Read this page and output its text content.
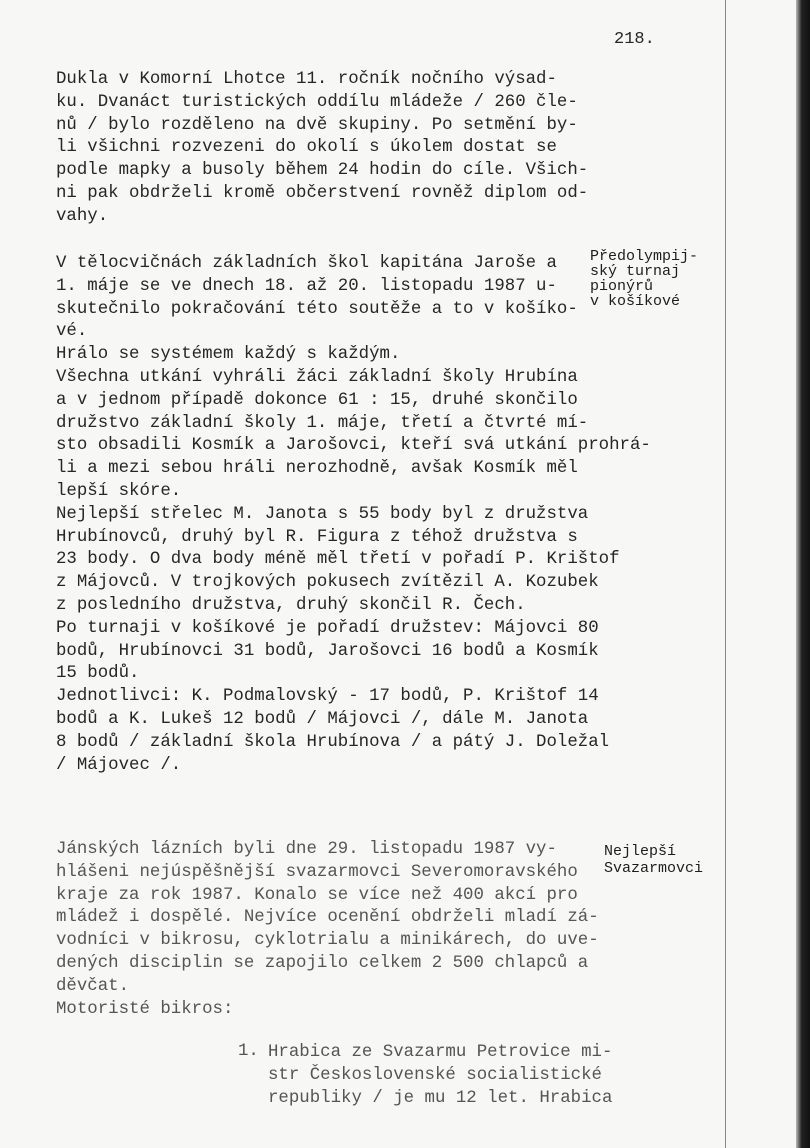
218.
Dukla v Komorní Lhotce 11. ročník nočního výsad-
ku. Dvanáct turistických oddílu mládeže / 260 čle-
nů / bylo rozděleno na dvě skupiny. Po setmění by-
li všichni rozvezeni do okolí s úkolem dostat se
podle mapky a busoly během 24 hodin do cíle. Všich-
ni pak obdrželi kromě občerstvení rovněž diplom od-
vahy.
V tělocvičnách základních škol kapitána Jaroše a
1. máje se ve dnech 18. až 20. listopadu 1987 u-
skutečnilo pokračování této soutěže a to v košíko-
vé.
Hrálo se systémem každý s každým.
Všechna utkání vyhráli žáci základní školy Hrubína
a v jednom případě dokonce 61 : 15, druhé skončilo
družstvo základní školy 1. máje, třetí a čtvrté mí-
sto obsadili Kosmík a Jarošovci, kteří svá utkání prohrá-
li a mezi sebou hráli nerozhodně, avšak Kosmík měl
lepší skóre.
Nejlepší střelec M. Janota s 55 body byl z družstva
Hrubínovců, druhý byl R. Figura z téhož družstva s
23 body. O dva body méně měl třetí v pořadí P. Krištof
z Májovců. V trojkových pokusech zvítězil A. Kozubek
z posledního družstva, druhý skončil R. Čech.
Po turnaji v košíkové je pořadí družstev: Májovci 80
bodů, Hrubínovci 31 bodů, Jarošovci 16 bodů a Kosmík
15 bodů.
Jednotlivci: K. Podmalovský - 17 bodů, P. Krištof 14
bodů a K. Lukeš 12 bodů / Májovci /, dále M. Janota
8 bodů / základní škola Hrubínova / a pátý J. Doležal
/ Májovec /.
Jánských lázních byli dne 29. listopadu 1987 vy-
hlášeni nejúspěšnější svazarmovci Severomoravského
kraje za rok 1987. Konalo se více než 400 akcí pro
mládež i dospělé. Nejvíce ocenění obdrželi mladí zá-
vodníci v bikrosu, cyklotrialu a minikárech, do uve-
dených disciplin se zapojilo celkem 2 500 chlapců a
děvčat.
Motoristé bikros:
1. Hrabica ze Svazarmu Petrovice mi-
str Československé socialistické
republiky / je mu 12 let. Hrabica
Předolympij-
ský turnaj
pionýrů
v košíkové
Nejlepší
Svazarmovci
